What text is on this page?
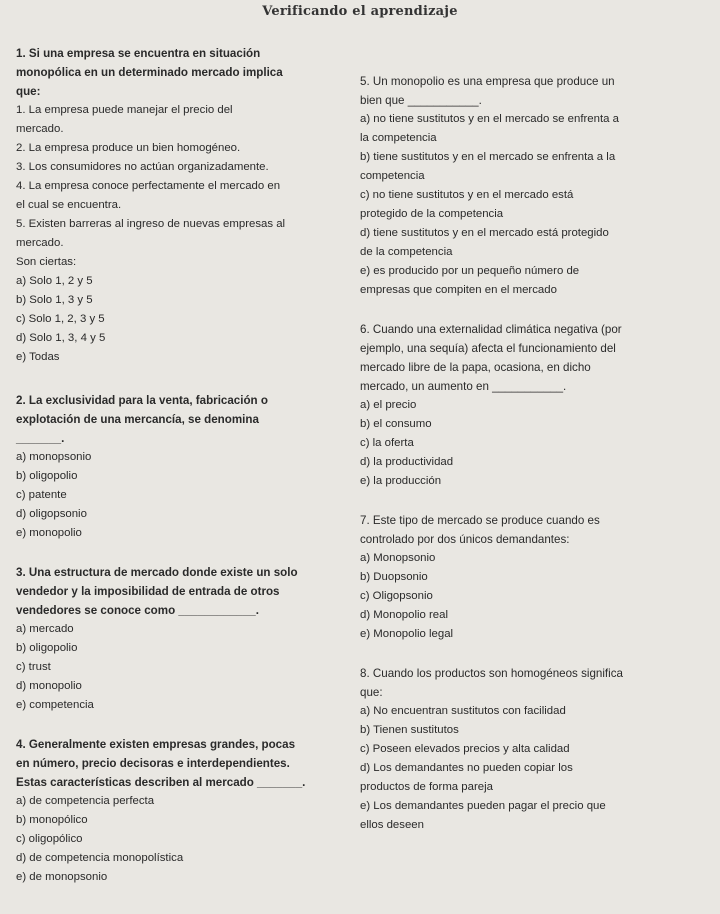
Verificando el aprendizaje

1. Si una empresa se encuentra en situación
monopólica en un determinado mercado implica
que:

1. La empresa puede manejar el precio del
mercado.
2. La empresa produce un bien homogéneo.
3. Los consumidores no actúan organizadamente.
4. La empresa conoce perfectamente el mercado en
el cual se encuentra.
5. Existen barreras al ingreso de nuevas empresas al
mercado.
Son ciertas:
a) Solo 1, 2 y 5
b) Solo 1, 3 y 5
c) Solo 1, 2, 3 y 5
d) Solo 1, 3, 4 y 5
e) Todas

2. La exclusividad para la venta, fabricación o
explotación de una mercancía, se denomina
_______.

a) monopsonio
b) oligopolio
c) patente
d) oligopsonio
e) monopolio

3. Una estructura de mercado donde existe un solo
vendedor y la imposibilidad de entrada de otros
vendedores se conoce como ____________.

a) mercado
b) oligopolio
c) trust
d) monopolio
e) competencia

4. Generalmente existen empresas grandes, pocas
en número, precio decisoras e interdependientes.
Estas características describen al mercado _______.

a) de competencia perfecta
b) monopólico
c) oligopólico
d) de competencia monopolística
e) de monopsonio

5. Un monopolio es una empresa que produce un
bien que ___________.

a) no tiene sustitutos y en el mercado se enfrenta a
la competencia
b) tiene sustitutos y en el mercado se enfrenta a la
competencia
c) no tiene sustitutos y en el mercado está
protegido de la competencia
d) tiene sustitutos y en el mercado está protegido
de la competencia
e) es producido por un pequeño número de
empresas que compiten en el mercado

6. Cuando una externalidad climática negativa (por
ejemplo, una sequía) afecta el funcionamiento del
mercado libre de la papa, ocasiona, en dicho
mercado, un aumento en ___________.

a) el precio
b) el consumo
c) la oferta
d) la productividad
e) la producción

7. Este tipo de mercado se produce cuando es
controlado por dos únicos demandantes:

a) Monopsonio
b) Duopsonio
c) Oligopsonio
d) Monopolio real
e) Monopolio legal

8. Cuando los productos son homogéneos significa
que:

a) No encuentran sustitutos con facilidad
b) Tienen sustitutos
c) Poseen elevados precios y alta calidad
d) Los demandantes no pueden copiar los
productos de forma pareja
e) Los demandantes pueden pagar el precio que
ellos deseen
